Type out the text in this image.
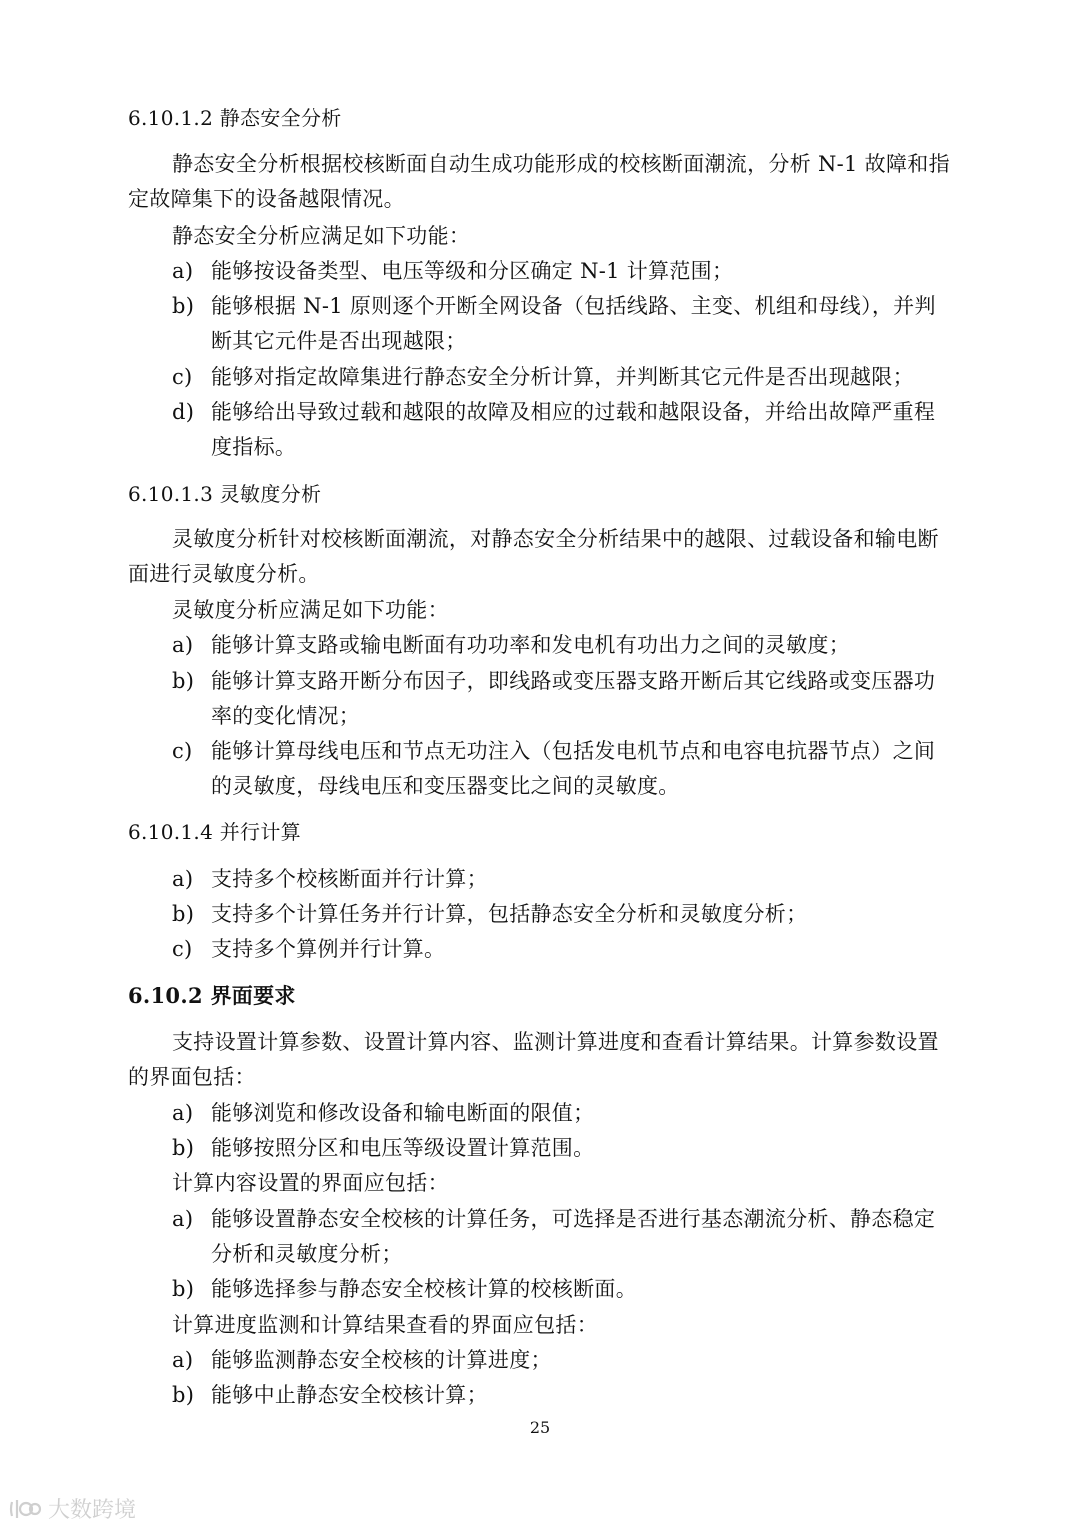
6.10.1.2 静态安全分析
静态安全分析根据校核断面自动生成功能形成的校核断面潮流，分析 N-1 故障和指
定故障集下的设备越限情况。
静态安全分析应满足如下功能：
a) 能够按设备类型、电压等级和分区确定 N-1 计算范围；
b) 能够根据 N-1 原则逐个开断全网设备（包括线路、主变、机组和母线），并判
断其它元件是否出现越限；
c) 能够对指定故障集进行静态安全分析计算，并判断其它元件是否出现越限；
d) 能够给出导致过载和越限的故障及相应的过载和越限设备，并给出故障严重程
度指标。
6.10.1.3 灵敏度分析
灵敏度分析针对校核断面潮流，对静态安全分析结果中的越限、过载设备和输电断
面进行灵敏度分析。
灵敏度分析应满足如下功能：
a) 能够计算支路或输电断面有功功率和发电机有功出力之间的灵敏度；
b) 能够计算支路开断分布因子，即线路或变压器支路开断后其它线路或变压器功
率的变化情况；
c) 能够计算母线电压和节点无功注入（包括发电机节点和电容电抗器节点）之间
的灵敏度，母线电压和变压器变比之间的灵敏度。
6.10.1.4 并行计算
a) 支持多个校核断面并行计算；
b) 支持多个计算任务并行计算，包括静态安全分析和灵敏度分析；
c) 支持多个算例并行计算。
6.10.2 界面要求
支持设置计算参数、设置计算内容、监测计算进度和查看计算结果。计算参数设置
的界面包括：
a) 能够浏览和修改设备和输电断面的限值；
b) 能够按照分区和电压等级设置计算范围。
计算内容设置的界面应包括：
a) 能够设置静态安全校核的计算任务，可选择是否进行基态潮流分析、静态稳定
分析和灵敏度分析；
b) 能够选择参与静态安全校核计算的校核断面。
计算进度监测和计算结果查看的界面应包括：
a) 能够监测静态安全校核的计算进度；
b) 能够中止静态安全校核计算；
25
大数跨境
